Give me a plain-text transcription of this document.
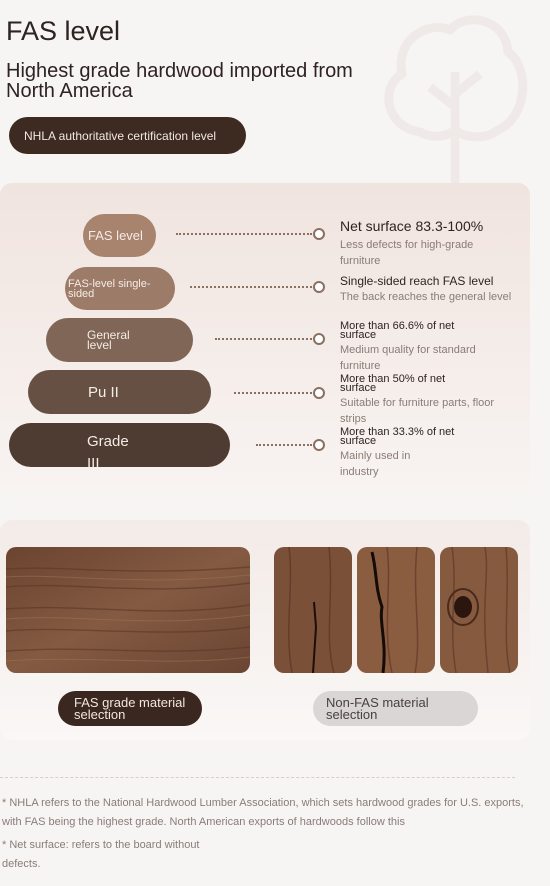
FAS level
Highest grade hardwood imported from North America
NHLA authoritative certification level
FAS level
Net surface 83.3-100%
Less defects for high-grade furniture
FAS-level single-sided
Single-sided reach FAS level
The back reaches the general level
General level
More than 66.6% of net surface
Medium quality for standard furniture
Pu II
More than 50% of net surface
Suitable for furniture parts, floor strips
Grade III
More than 33.3% of net surface
Mainly used in industry
FAS grade material selection
Non-FAS material selection
* NHLA refers to the National Hardwood Lumber Association, which sets hardwood grades for U.S. exports, with FAS being the highest grade. North American exports of hardwoods follow this
* Net surface: refers to the board without defects.
